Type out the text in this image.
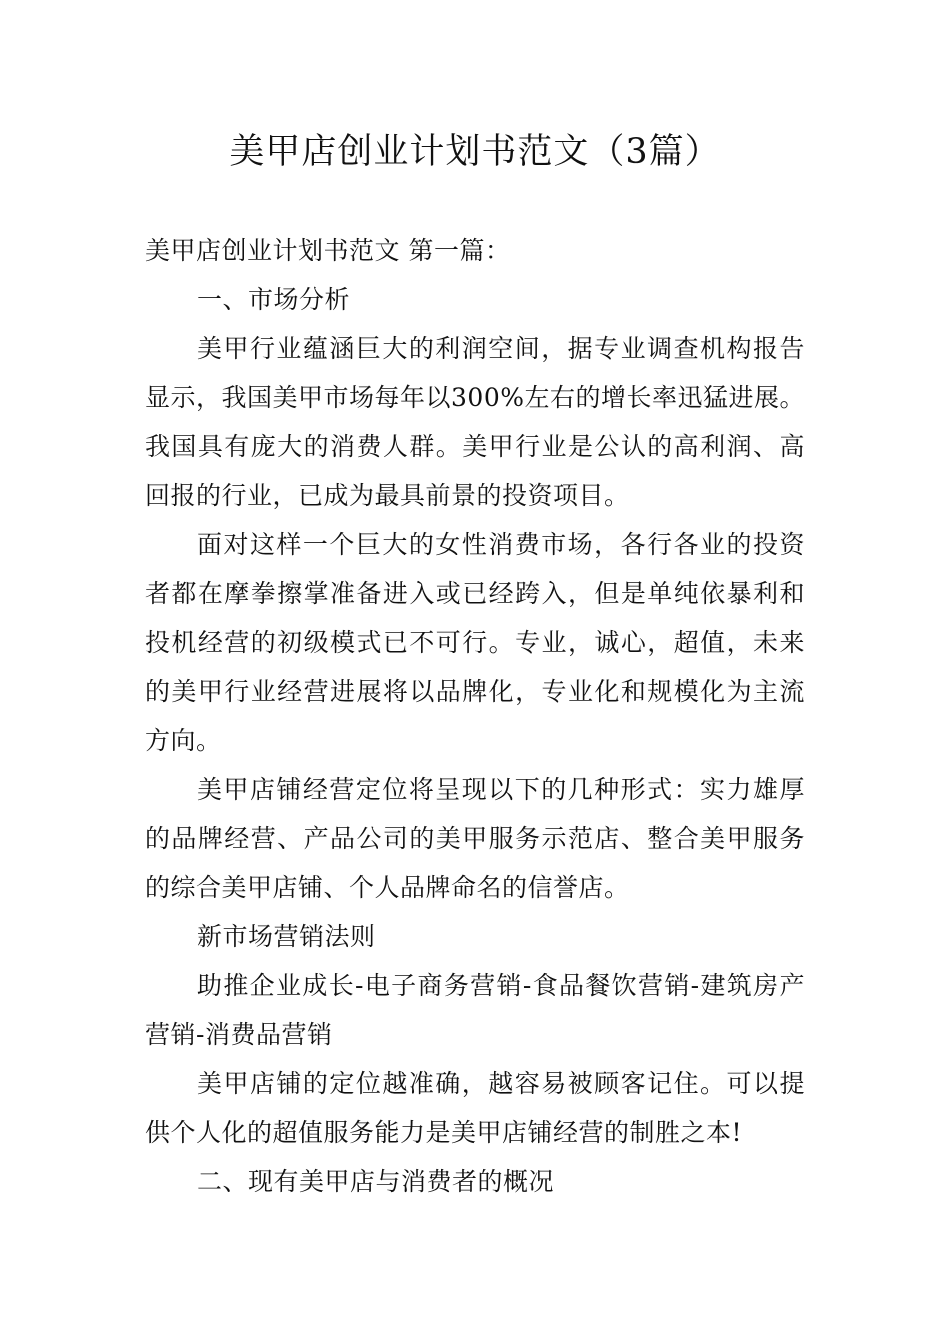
美甲店创业计划书范文（3篇）

美甲店创业计划书范文 第一篇：

一、市场分析

美甲行业蕴涵巨大的利润空间，据专业调查机构报告显示，我国美甲市场每年以300%左右的增长率迅猛进展。我国具有庞大的消费人群。美甲行业是公认的高利润、高回报的行业，已成为最具前景的投资项目。

面对这样一个巨大的女性消费市场，各行各业的投资者都在摩拳擦掌准备进入或已经跨入，但是单纯依暴利和投机经营的初级模式已不可行。专业，诚心，超值，未来的美甲行业经营进展将以品牌化，专业化和规模化为主流方向。

美甲店铺经营定位将呈现以下的几种形式：实力雄厚的品牌经营、产品公司的美甲服务示范店、整合美甲服务的综合美甲店铺、个人品牌命名的信誉店。

新市场营销法则

助推企业成长-电子商务营销-食品餐饮营销-建筑房产营销-消费品营销

美甲店铺的定位越准确，越容易被顾客记住。可以提供个人化的超值服务能力是美甲店铺经营的制胜之本!

二、现有美甲店与消费者的概况
